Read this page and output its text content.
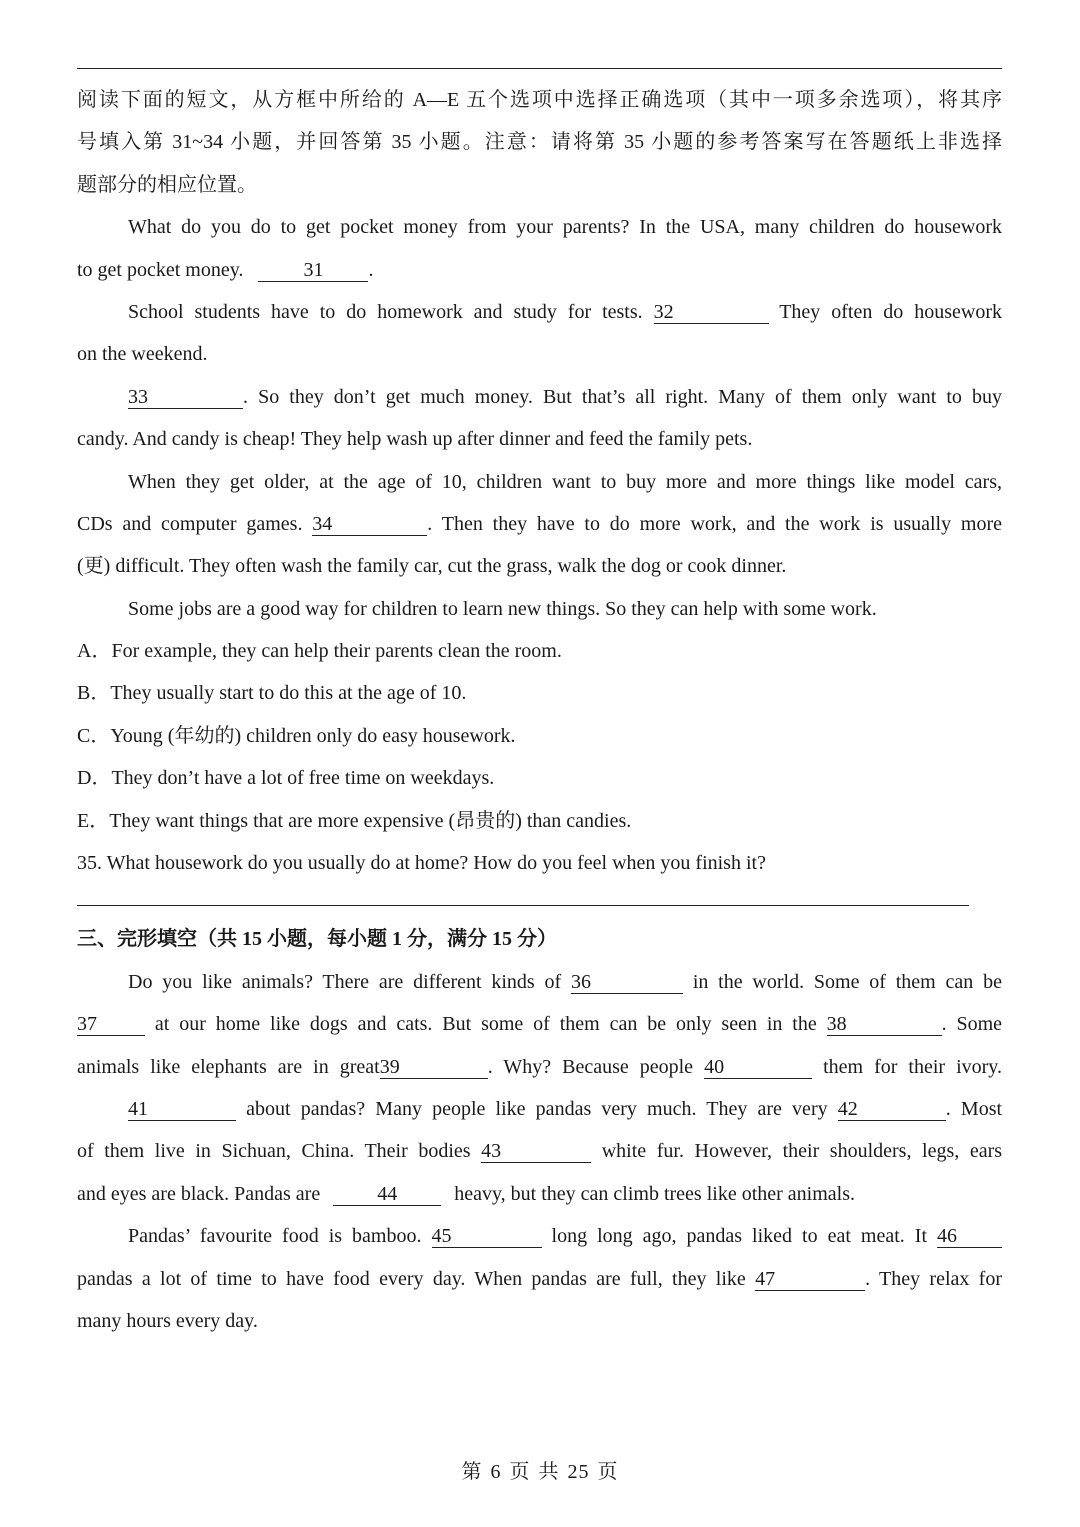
阅读下面的短文，从方框中所给的 A—E 五个选项中选择正确选项（其中一项多余选项），将其序
号填入第 31~34 小题，并回答第 35 小题。注意：请将第 35 小题的参考答案写在答题纸上非选择
题部分的相应位置。
What do you do to get pocket money from your parents? In the USA, many children do housework
to get pocket money.	31 .
School students have to do homework and study for tests. 32	They often do housework
on the weekend.
33	. So they don’t get much money. But that’s all right. Many of them only want to buy
candy. And candy is cheap! They help wash up after dinner and feed the family pets.
When they get older, at the age of 10, children want to buy more and more things like model cars,
CDs and computer games. 34	. Then they have to do more work, and the work is usually more
(更) difficult. They often wash the family car, cut the grass, walk the dog or cook dinner.
Some jobs are a good way for children to learn new things. So they can help with some work.
A．For example, they can help their parents clean the room.
B．They usually start to do this at the age of 10.
C．Young (年幼的) children only do easy housework.
D．They don’t have a lot of free time on weekdays.
E．They want things that are more expensive (昂贵的) than candies.
35. What housework do you usually do at home? How do you feel when you finish it?
三、完形填空（共 15 小题，每小题 1 分，满分 15 分）
Do you like animals? There are different kinds of 36	in the world. Some of them can be
37	at our home like dogs and cats. But some of them can be only seen in the 38	. Some
animals like elephants are in great39	. Why? Because people 40	them for their ivory.
41	about pandas? Many people like pandas very much. They are very 42	. Most
of them live in Sichuan, China. Their bodies 43	white fur. However, their shoulders, legs, ears
and eyes are black. Pandas are	44	heavy, but they can climb trees like other animals.
Pandas’ favourite food is bamboo. 45	long long ago, pandas liked to eat meat. It 46
pandas a lot of time to have food every day. When pandas are full, they like 47	. They relax for
many hours every day.
第 6 页 共 25 页
